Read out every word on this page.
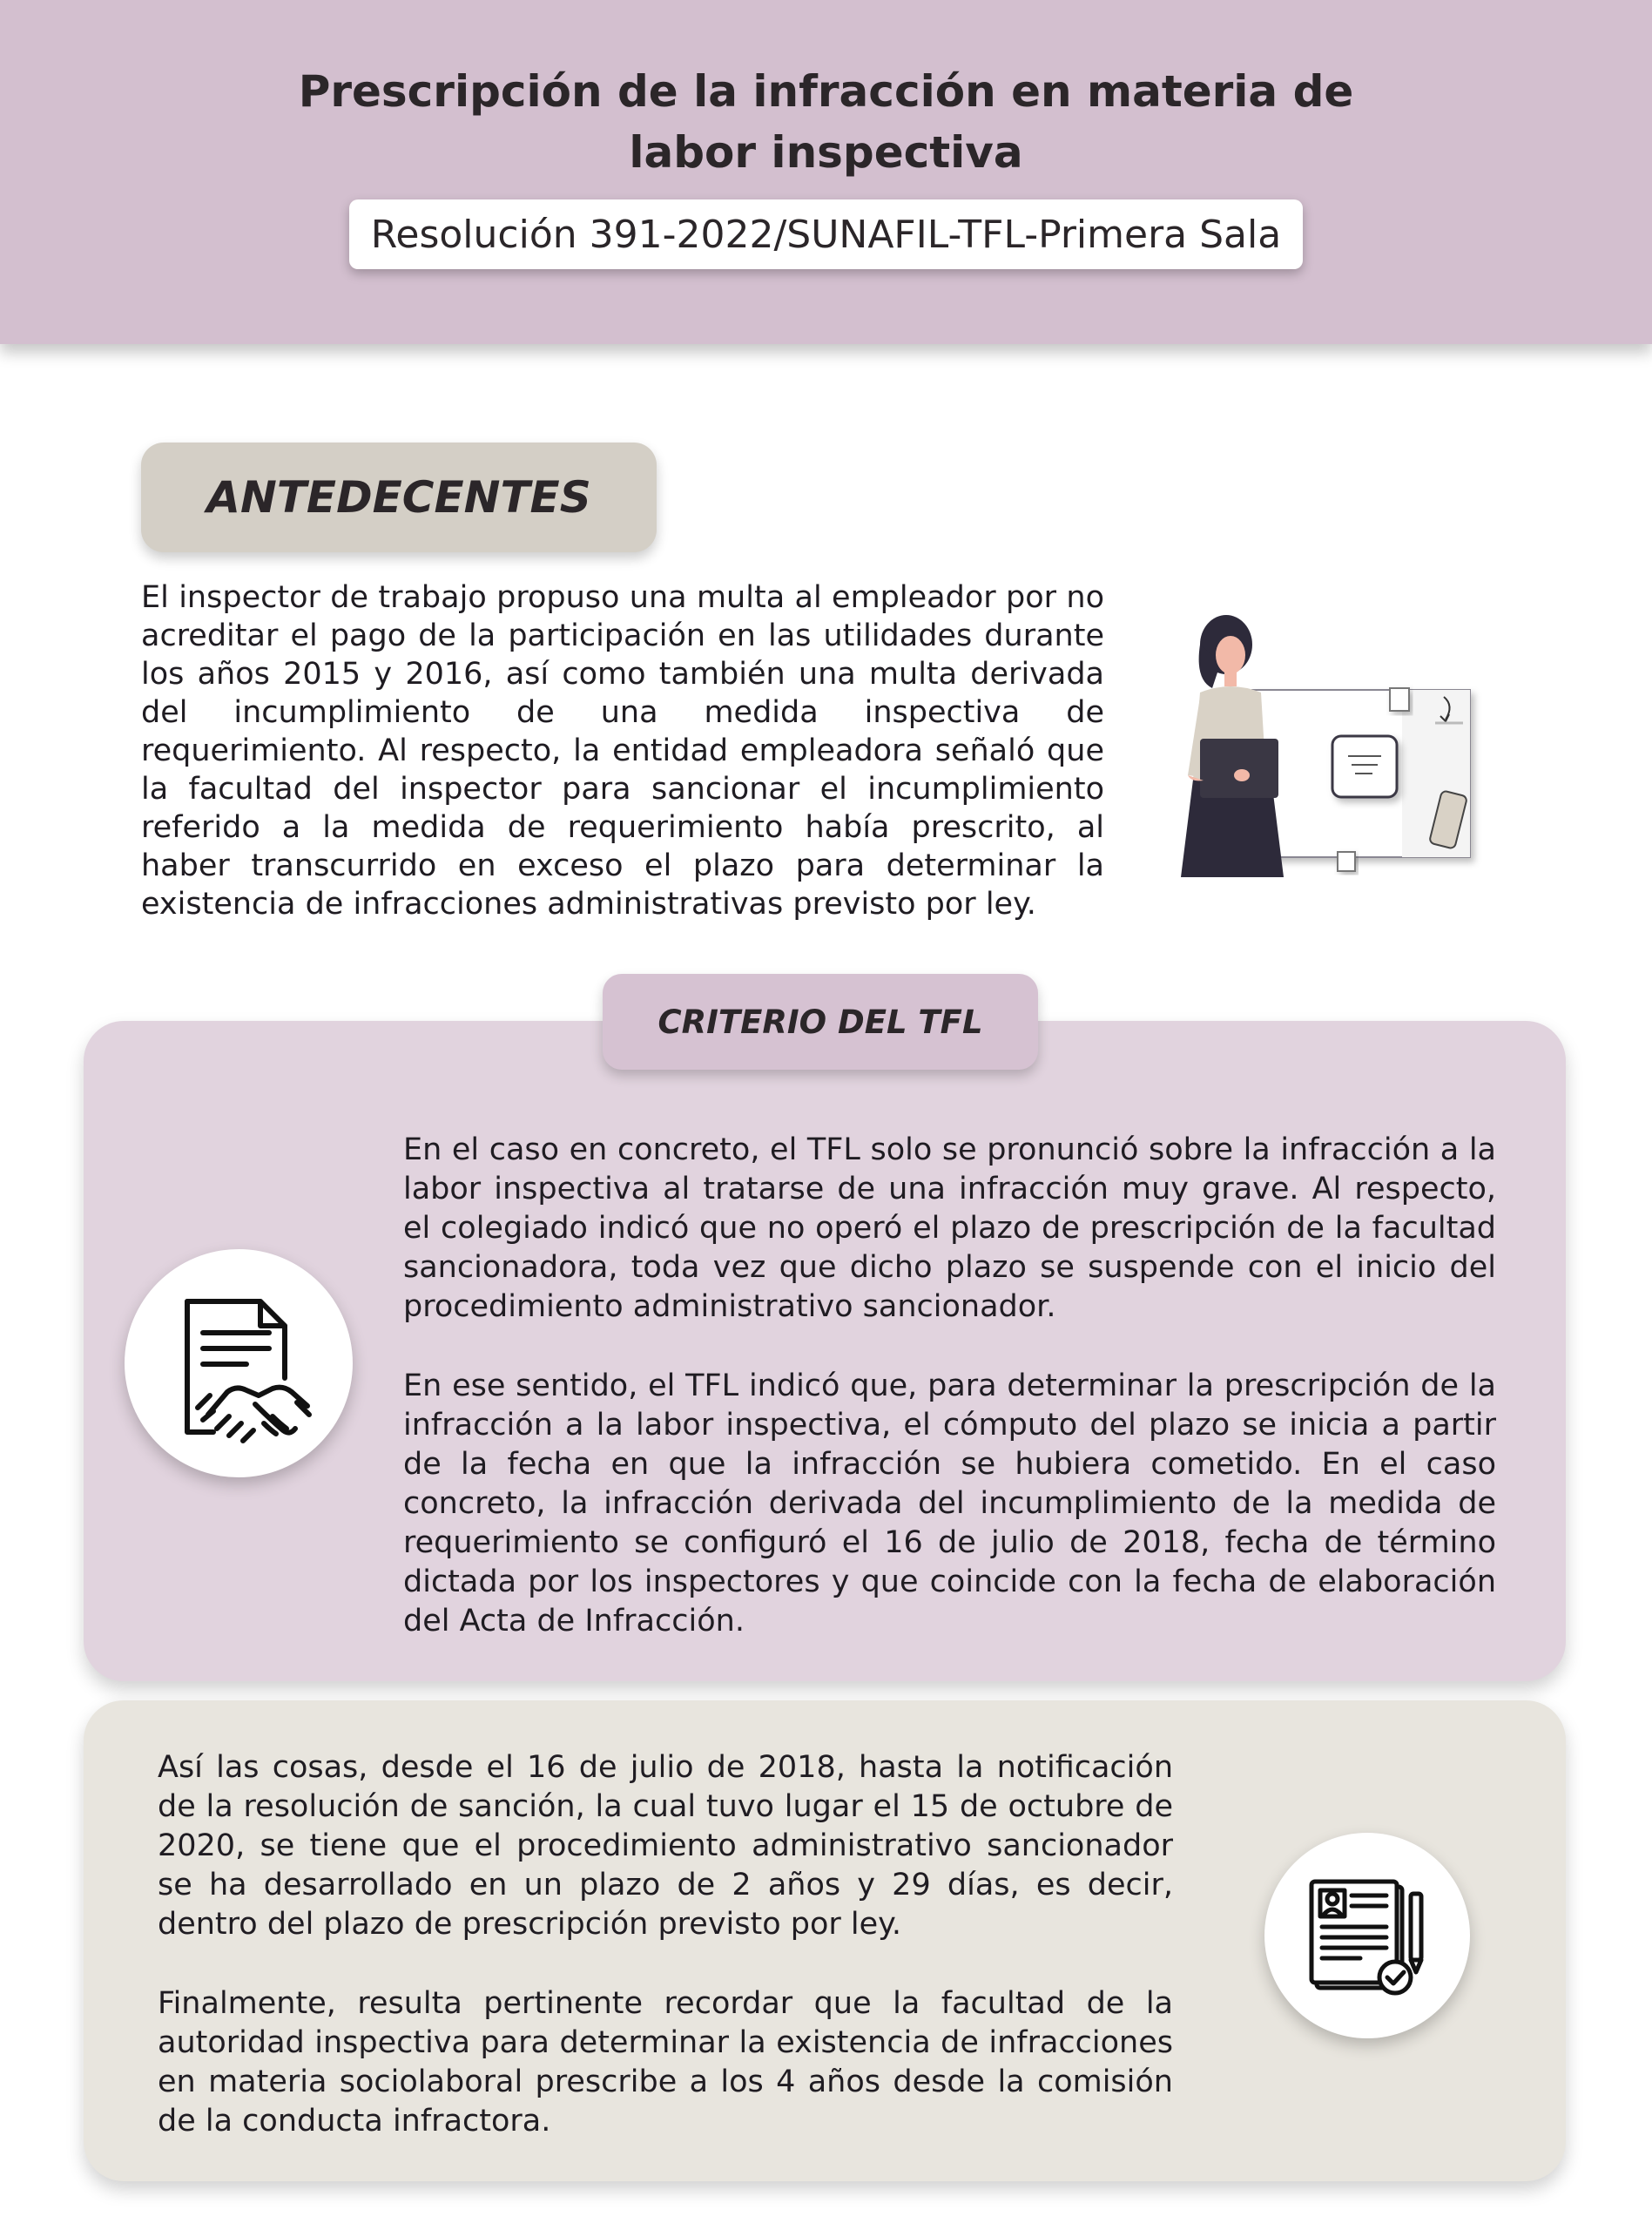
Prescripción de la infracción en materia de
labor inspectiva
Resolución 391-2022/SUNAFIL-TFL-Primera Sala
ANTEDECENTES

El inspector de trabajo propuso una multa al empleador por no acreditar el pago de la participación en las utilidades durante los años 2015 y 2016, así como también una multa derivada del incumplimiento de una medida inspectiva de requerimiento. Al respecto, la entidad empleadora señaló que la facultad del inspector para sancionar el incumplimiento referido a la medida de requerimiento había prescrito, al haber transcurrido en exceso el plazo para determinar la existencia de infracciones administrativas previsto por ley.

CRITERIO DEL TFL

En el caso en concreto, el TFL solo se pronunció sobre la infracción a la labor inspectiva al tratarse de una infracción muy grave. Al respecto, el colegiado indicó que no operó el plazo de prescripción de la facultad sancionadora, toda vez que dicho plazo se suspende con el inicio del procedimiento administrativo sancionador.

En ese sentido, el TFL indicó que, para determinar la prescripción de la infracción a la labor inspectiva, el cómputo del plazo se inicia a partir de la fecha en que la infracción se hubiera cometido. En el caso concreto, la infracción derivada del incumplimiento de la medida de requerimiento se configuró el 16 de julio de 2018, fecha de término dictada por los inspectores y que coincide con la fecha de elaboración del Acta de Infracción.

Así las cosas, desde el 16 de julio de 2018, hasta la notificación de la resolución de sanción, la cual tuvo lugar el 15 de octubre de 2020, se tiene que el procedimiento administrativo sancionador se ha desarrollado en un plazo de 2 años y 29 días, es decir, dentro del plazo de prescripción previsto por ley.

Finalmente, resulta pertinente recordar que la facultad de la autoridad inspectiva para determinar la existencia de infracciones en materia sociolaboral prescribe a los 4 años desde la comisión de la conducta infractora.
